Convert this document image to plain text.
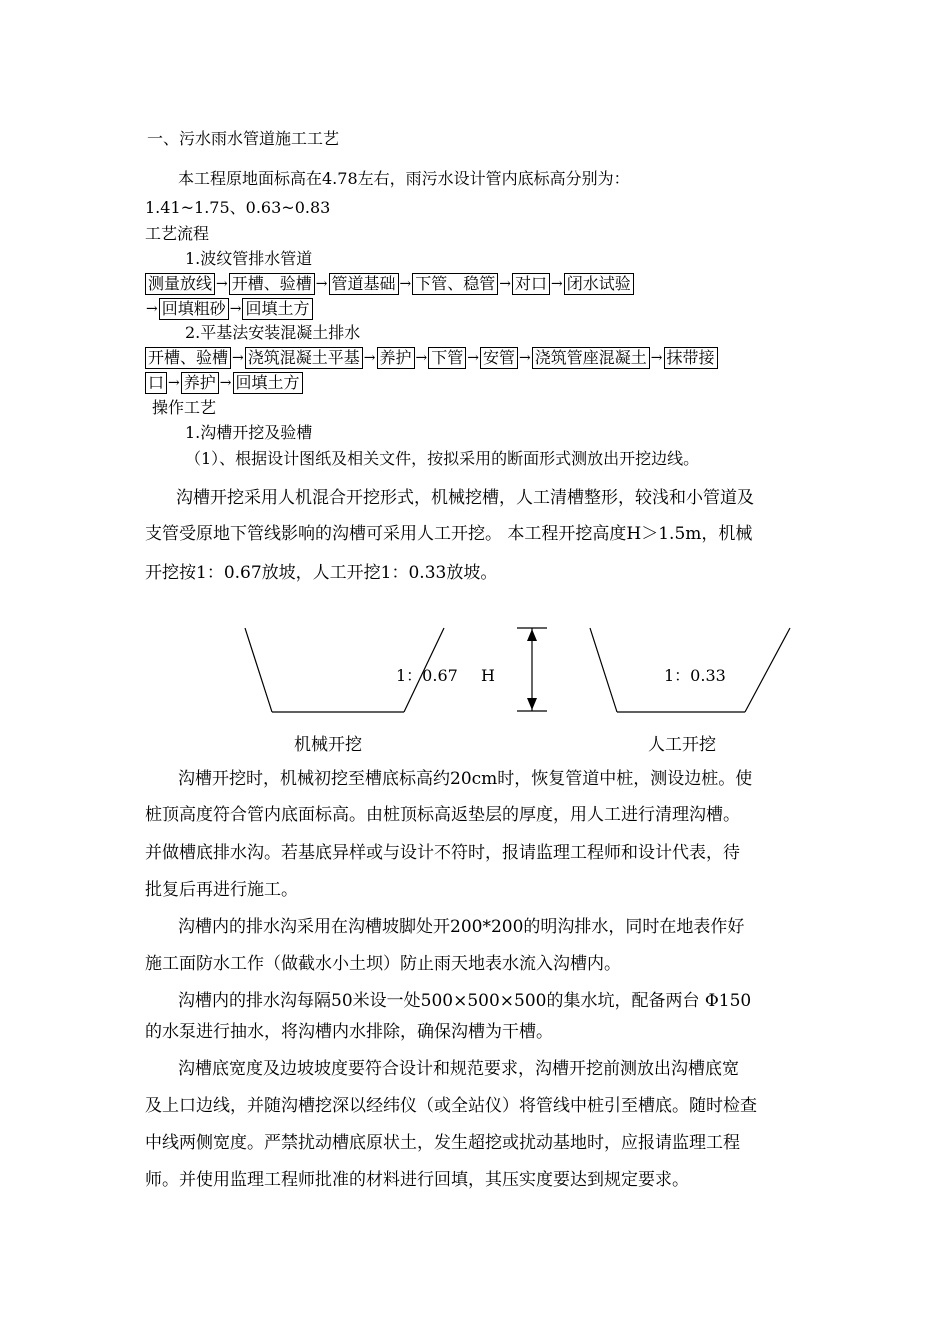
一、污水雨水管道施工工艺
本工程原地面标高在4.78左右，雨污水设计管内底标高分别为：
1.41~1.75、0.63~0.83
工艺流程
1.波纹管排水管道
测量放线 → 开槽、验槽 → 管道基础 → 下管、稳管 → 对口 → 闭水试验
→ 回填粗砂 → 回填土方
2.平基法安装混凝土排水
开槽、验槽 → 浇筑混凝土平基 → 养护 → 下管 → 安管 → 浇筑管座混凝土 → 抹带接
口 → 养护 → 回填土方
操作工艺
1.沟槽开挖及验槽
（1）、根据设计图纸及相关文件，按拟采用的断面形式测放出开挖边线。
沟槽开挖采用人机混合开挖形式，机械挖槽，人工清槽整形，较浅和小管道及
支管受原地下管线影响的沟槽可采用人工开挖。 本工程开挖高度H＞1.5m，机械
开挖按1：0.67放坡，人工开挖1：0.33放坡。
1：0.67 H	1：0.33
机械开挖	人工开挖
沟槽开挖时，机械初挖至槽底标高约20cm时，恢复管道中桩，测设边桩。使
桩顶高度符合管内底面标高。由桩顶标高返垫层的厚度，用人工进行清理沟槽。
并做槽底排水沟。若基底异样或与设计不符时，报请监理工程师和设计代表，待
批复后再进行施工。
沟槽内的排水沟采用在沟槽坡脚处开200*200的明沟排水，同时在地表作好
施工面防水工作（做截水小土坝）防止雨天地表水流入沟槽内。
沟槽内的排水沟每隔50米设一处500×500×500的集水坑，配备两台 Φ150
的水泵进行抽水，将沟槽内水排除，确保沟槽为干槽。
沟槽底宽度及边坡坡度要符合设计和规范要求，沟槽开挖前测放出沟槽底宽
及上口边线，并随沟槽挖深以经纬仪（或全站仪）将管线中桩引至槽底。随时检查
中线两侧宽度。严禁扰动槽底原状土，发生超挖或扰动基地时，应报请监理工程
师。并使用监理工程师批准的材料进行回填，其压实度要达到规定要求。
